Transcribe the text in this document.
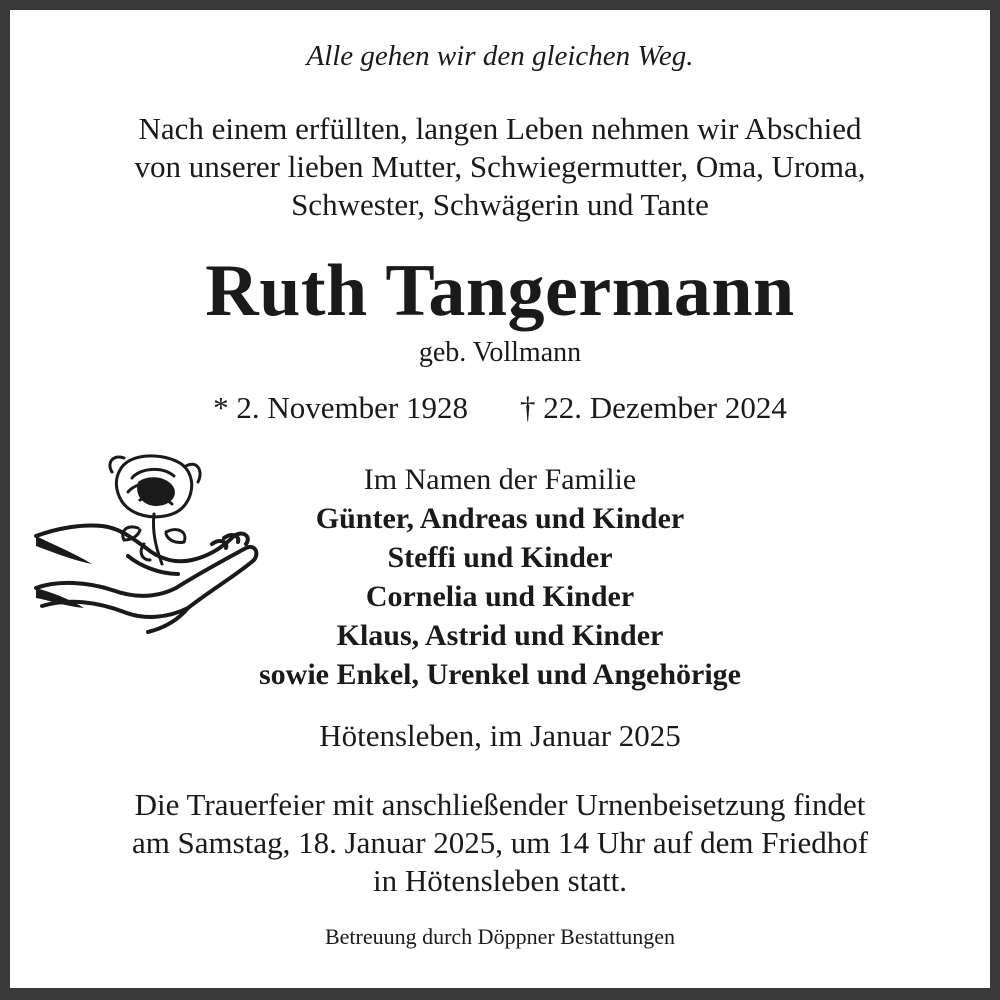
Alle gehen wir den gleichen Weg.
Nach einem erfüllten, langen Leben nehmen wir Abschied
von unserer lieben Mutter, Schwiegermutter, Oma, Uroma,
Schwester, Schwägerin und Tante
Ruth Tangermann
geb. Vollmann
* 2. November 1928 † 22. Dezember 2024
Im Namen der Familie
Günter, Andreas und Kinder
Steffi und Kinder
Cornelia und Kinder
Klaus, Astrid und Kinder
sowie Enkel, Urenkel und Angehörige
Hötensleben, im Januar 2025
Die Trauerfeier mit anschließender Urnenbeisetzung findet
am Samstag, 18. Januar 2025, um 14 Uhr auf dem Friedhof
in Hötensleben statt.
Betreuung durch Döppner Bestattungen
